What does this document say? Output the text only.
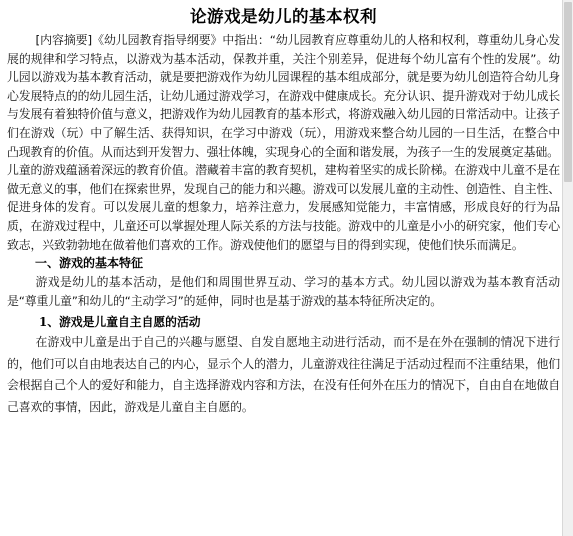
论游戏是幼儿的基本权利

[内容摘要]《幼儿园教育指导纲要》中指出：“幼儿园教育应尊重幼儿的人格和权利，尊重幼儿身心发展的规律和学习特点，以游戏为基本活动，保教并重，关注个别差异，促进每个幼儿富有个性的发展”。幼儿园以游戏为基本教育活动，就是要把游戏作为幼儿园课程的基本组成部分，就是要为幼儿创造符合幼儿身心发展特点的的幼儿园生活，让幼儿通过游戏学习，在游戏中健康成长。充分认识、提升游戏对于幼儿成长与发展有着独特价值与意义，把游戏作为幼儿园教育的基本形式，将游戏融入幼儿园的日常活动中。让孩子们在游戏（玩）中了解生活、获得知识，在学习中游戏（玩），用游戏来整合幼儿园的一日生活，在整合中凸现教育的价值。从而达到开发智力、强壮体魄，实现身心的全面和谐发展，为孩子一生的发展奠定基础。

儿童的游戏蕴涵着深远的教育价值。潜藏着丰富的教育契机，建构着坚实的成长阶梯。在游戏中儿童不是在做无意义的事，他们在探索世界，发现自己的能力和兴趣。游戏可以发展儿童的主动性、创造性、自主性、促进身体的发育。可以发展儿童的想象力，培养注意力，发展感知觉能力，丰富情感，形成良好的行为品质，在游戏过程中，儿童还可以掌握处理人际关系的方法与技能。游戏中的儿童是小小的研究家，他们专心致志，兴致勃勃地在做着他们喜欢的工作。游戏使他们的愿望与目的得到实现，使他们快乐而满足。

一、游戏的基本特征

游戏是幼儿的基本活动，是他们和周围世界互动、学习的基本方式。幼儿园以游戏为基本教育活动是“尊重儿童”和幼儿的“主动学习”的延伸，同时也是基于游戏的基本特征所决定的。

1、游戏是儿童自主自愿的活动

在游戏中儿童是出于自己的兴趣与愿望、自发自愿地主动进行活动，而不是在外在强制的情况下进行的，他们可以自由地表达自己的内心，显示个人的潜力，儿童游戏往往满足于活动过程而不注重结果，他们会根据自己个人的爱好和能力，自主选择游戏内容和方法，在没有任何外在压力的情况下，自由自在地做自己喜欢的事情，因此，游戏是儿童自主自愿的。
